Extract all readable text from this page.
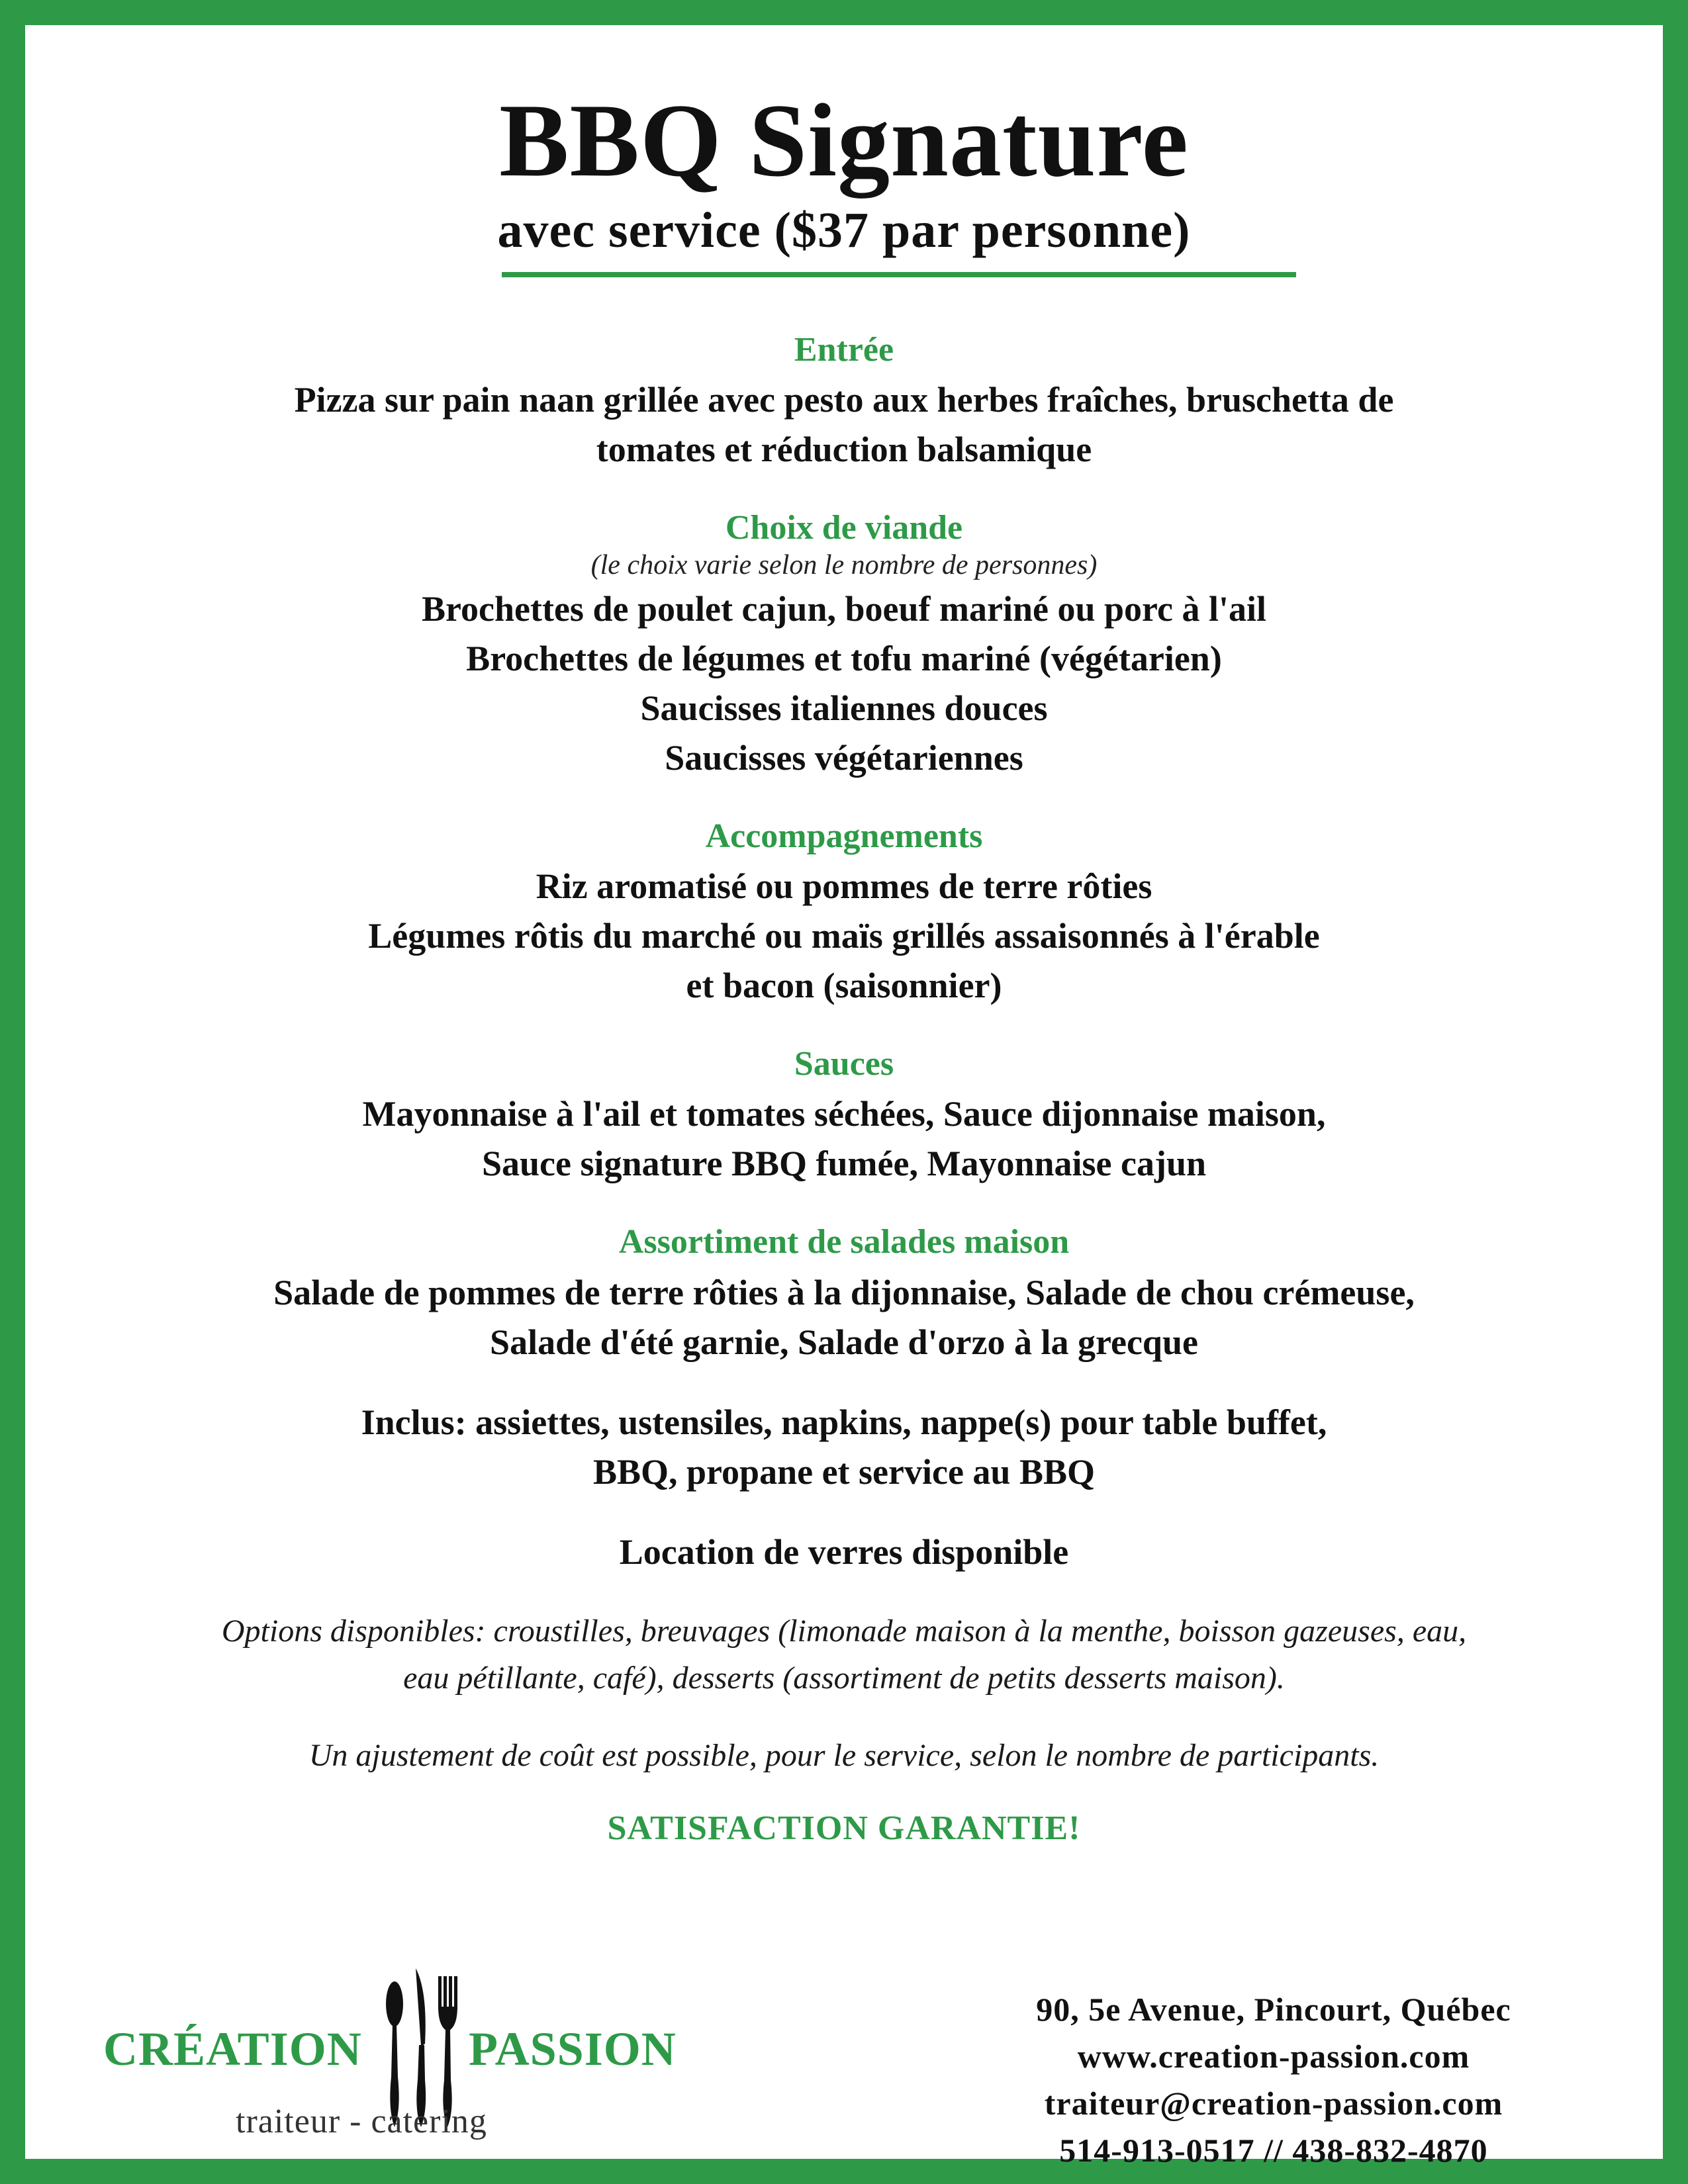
BBQ Signature
avec service ($37 par personne)
Entrée
Pizza sur pain naan grillée avec pesto aux herbes fraîches, bruschetta de
tomates et réduction balsamique
Choix de viande
(le choix varie selon le nombre de personnes)
Brochettes de poulet cajun, boeuf mariné ou porc à l'ail
Brochettes de légumes et tofu mariné (végétarien)
Saucisses italiennes douces
Saucisses végétariennes
Accompagnements
Riz aromatisé ou pommes de terre rôties
Légumes rôtis du marché ou maïs grillés assaisonnés à l'érable
et bacon (saisonnier)
Sauces
Mayonnaise à l'ail et tomates séchées, Sauce dijonnaise maison,
Sauce signature BBQ fumée, Mayonnaise cajun
Assortiment de salades maison
Salade de pommes de terre rôties à la dijonnaise, Salade de chou crémeuse,
Salade d'été garnie, Salade d'orzo à la grecque
Inclus: assiettes, ustensiles, napkins, nappe(s) pour table buffet,
BBQ, propane et service au BBQ
Location de verres disponible
Options disponibles: croustilles, breuvages (limonade maison à la menthe, boisson gazeuses, eau,
eau pétillante, café), desserts (assortiment de petits desserts maison).
Un ajustement de coût est possible, pour le service, selon le nombre de participants.
SATISFACTION GARANTIE!
CRÉATION PASSION
traiteur - catering
90, 5e Avenue, Pincourt, Québec
www.creation-passion.com
traiteur@creation-passion.com
514-913-0517 // 438-832-4870
